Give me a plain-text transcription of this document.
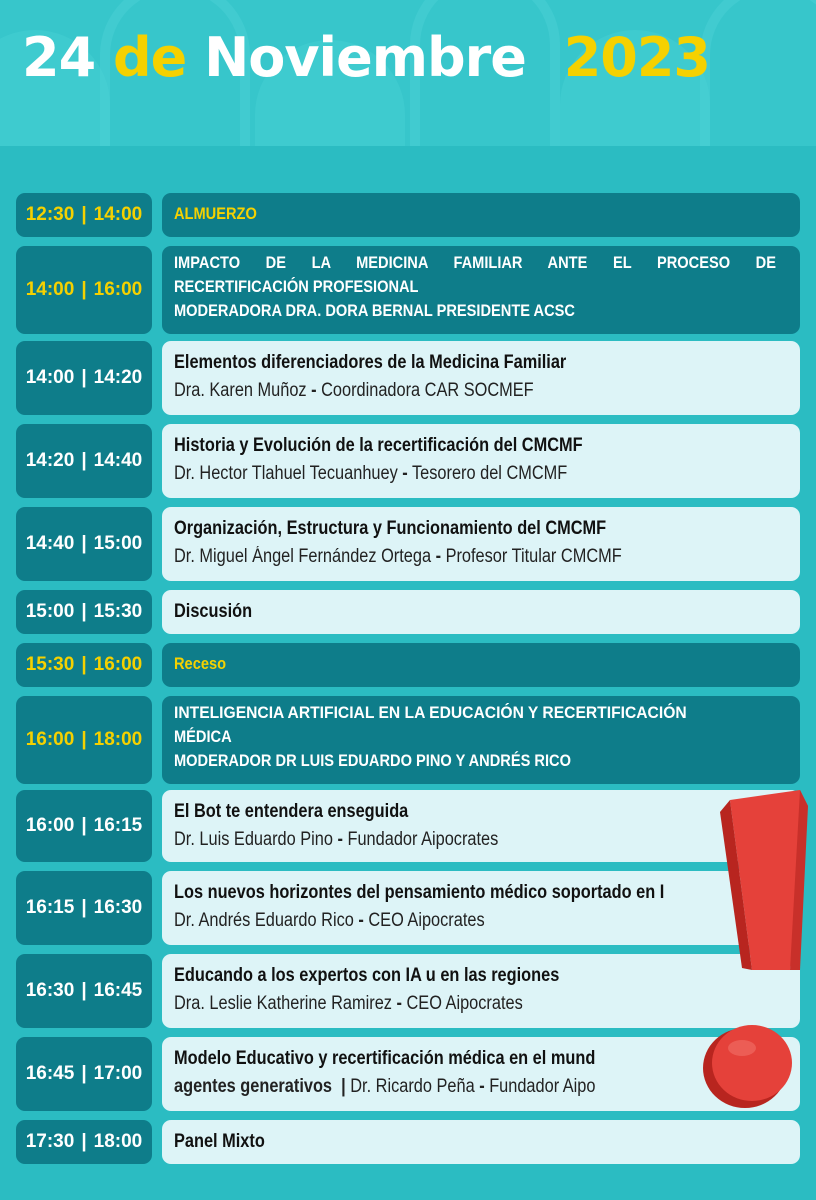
24 de Noviembre 2023
12:30 | 14:00 ALMUERZO
14:00 | 16:00
IMPACTO DE LA MEDICINA FAMILIAR ANTE EL PROCESO DE
RECERTIFICACIÓN PROFESIONAL
MODERADORA DRA. DORA BERNAL PRESIDENTE ACSC
14:00 | 14:20
Elementos diferenciadores de la Medicina Familiar
Dra. Karen Muñoz - Coordinadora CAR SOCMEF
14:20 | 14:40
Historia y Evolución de la recertificación del CMCMF
Dr. Hector Tlahuel Tecuanhuey - Tesorero del CMCMF
14:40 | 15:00
Organización, Estructura y Funcionamiento del CMCMF
Dr. Miguel Ángel Fernández Ortega - Profesor Titular CMCMF
15:00 | 15:30 Discusión
15:30 | 16:00 Receso
16:00 | 18:00
INTELIGENCIA ARTIFICIAL EN LA EDUCACIÓN Y RECERTIFICACIÓN
MÉDICA
MODERADOR DR LUIS EDUARDO PINO Y ANDRÉS RICO
16:00 | 16:15
El Bot te entendera enseguida
Dr. Luis Eduardo Pino - Fundador Aipocrates
16:15 | 16:30
Los nuevos horizontes del pensamiento médico soportado en I
Dr. Andrés Eduardo Rico - CEO Aipocrates
16:30 | 16:45
Educando a los expertos con IA u en las regiones
Dra. Leslie Katherine Ramirez - CEO Aipocrates
16:45 | 17:00
Modelo Educativo y recertificación médica en el mund
agentes generativos | Dr. Ricardo Peña - Fundador Aipo
17:30 | 18:00 Panel Mixto
